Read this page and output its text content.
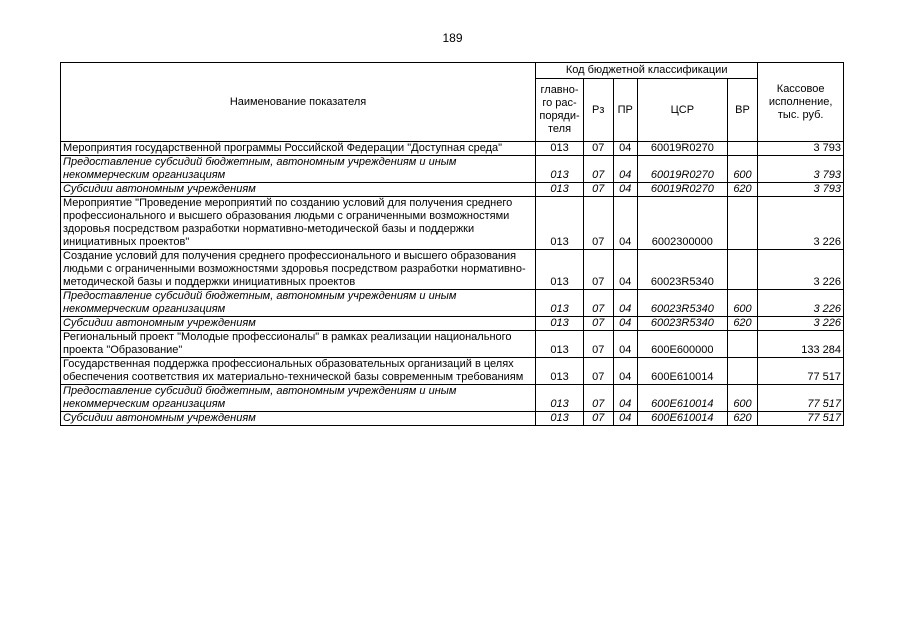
189
Наименование показателя	Код бюджетной классификации					Кассовое исполнение, тыс. руб.
	главно-го рас-поряди-теля	Рз	ПР	ЦСР	ВР	
Мероприятия государственной программы Российской Федерации "Доступная среда"	013	07	04	60019R0270		3 793
Предоставление субсидий бюджетным, автономным учреждениям и иным некоммерческим организациям	013	07	04	60019R0270	600	3 793
Субсидии автономным учреждениям	013	07	04	60019R0270	620	3 793
Мероприятие "Проведение мероприятий по созданию условий для получения среднего профессионального и высшего образования людьми с ограниченными возможностями здоровья посредством разработки нормативно-методической базы и поддержки инициативных проектов"	013	07	04	6002300000		3 226
Создание условий для получения среднего профессионального и высшего образования людьми с ограниченными возможностями здоровья посредством разработки нормативно-методической базы и поддержки инициативных проектов	013	07	04	60023R5340		3 226
Предоставление субсидий бюджетным, автономным учреждениям и иным некоммерческим организациям	013	07	04	60023R5340	600	3 226
Субсидии автономным учреждениям	013	07	04	60023R5340	620	3 226
Региональный проект "Молодые профессионалы" в рамках реализации национального проекта "Образование"	013	07	04	600E600000		133 284
Государственная поддержка профессиональных образовательных организаций в целях обеспечения соответствия их материально-технической базы современным требованиям	013	07	04	600E610014		77 517
Предоставление субсидий бюджетным, автономным учреждениям и иным некоммерческим организациям	013	07	04	600E610014	600	77 517
Субсидии автономным учреждениям	013	07	04	600E610014	620	77 517
